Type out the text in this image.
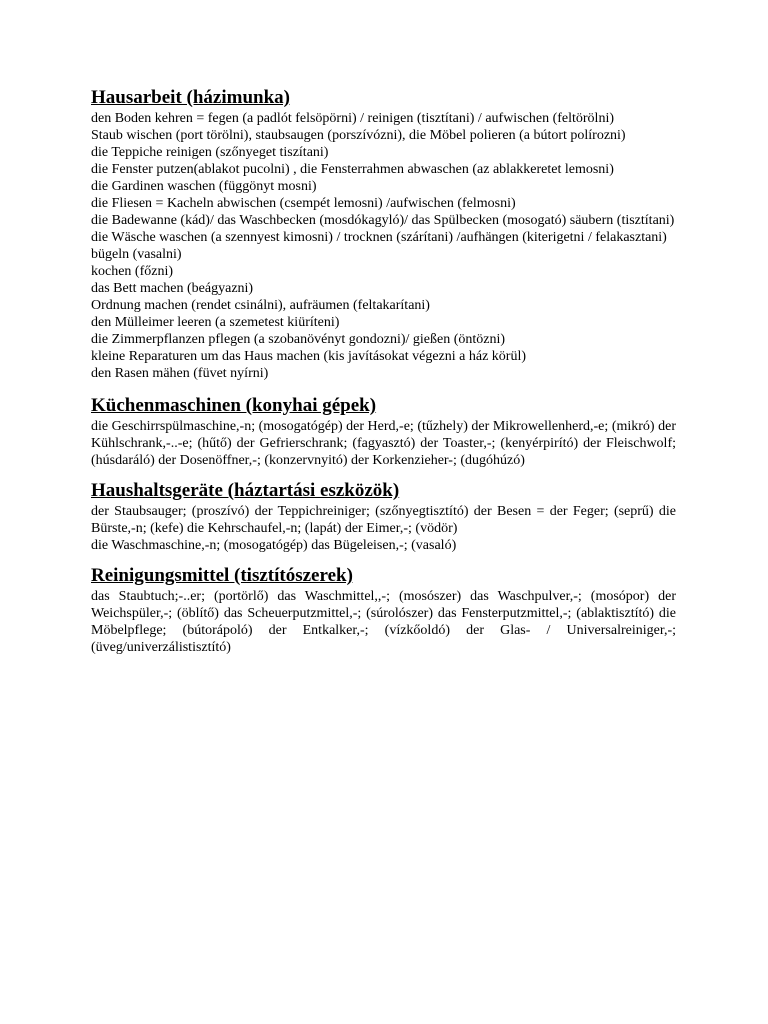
Hausarbeit (házimunka)

den Boden kehren = fegen (a padlót felsöpörni) / reinigen (tisztítani) / aufwischen (feltörölni)

Staub wischen (port törölni), staubsaugen (porszívózni), die Möbel polieren (a bútort polírozni)

die Teppiche reinigen (szőnyeget tiszítani)

die Fenster putzen(ablakot pucolni) , die Fensterrahmen abwaschen (az ablakkeretet lemosni)

die Gardinen waschen (függönyt mosni)

die Fliesen = Kacheln abwischen (csempét lemosni) /aufwischen (felmosni)

die Badewanne (kád)/ das Waschbecken (mosdókagyló)/ das Spülbecken (mosogató) säubern (tisztítani)

die Wäsche waschen (a szennyest kimosni) / trocknen (szárítani) /aufhängen (kiterigetni / felakasztani)

bügeln (vasalni)

kochen (főzni)

das Bett machen (beágyazni)

Ordnung machen (rendet csinálni), aufräumen (feltakarítani)

den Mülleimer leeren (a szemetest kiüríteni)

die Zimmerpflanzen pflegen (a szobanövényt gondozni)/ gießen (öntözni)

kleine Reparaturen um das Haus machen (kis javításokat végezni a ház körül)

den Rasen mähen (füvet nyírni)

Küchenmaschinen (konyhai gépek)

die Geschirrspülmaschine,-n; (mosogatógép) der Herd,-e; (tűzhely) der Mikrowellenherd,-e; (mikró) der Kühlschrank,-..-e; (hűtő) der Gefrierschrank; (fagyasztó) der Toaster,-; (kenyérpirító) der Fleischwolf; (húsdaráló) der Dosenöffner,-; (konzervnyitó) der Korkenzieher-; (dugóhúzó)

Haushaltsgeräte (háztartási eszközök)

der Staubsauger; (proszívó) der Teppichreiniger; (szőnyegtisztító) der Besen = der Feger; (seprű) die Bürste,-n; (kefe) die Kehrschaufel,-n; (lapát) der Eimer,-; (vödör)

die Waschmaschine,-n; (mosogatógép) das Bügeleisen,-; (vasaló)

Reinigungsmittel (tisztítószerek)

das Staubtuch;-..er; (portörlő) das Waschmittel,,-; (mosószer) das Waschpulver,-; (mosópor) der Weichspüler,-; (öblítő) das Scheuerputzmittel,-; (súrolószer) das Fensterputzmittel,-; (ablaktisztító) die Möbelpflege; (bútorápoló) der Entkalker,-; (vízkőoldó) der Glas- / Universalreiniger,-; (üveg/univerzálistisztító)
